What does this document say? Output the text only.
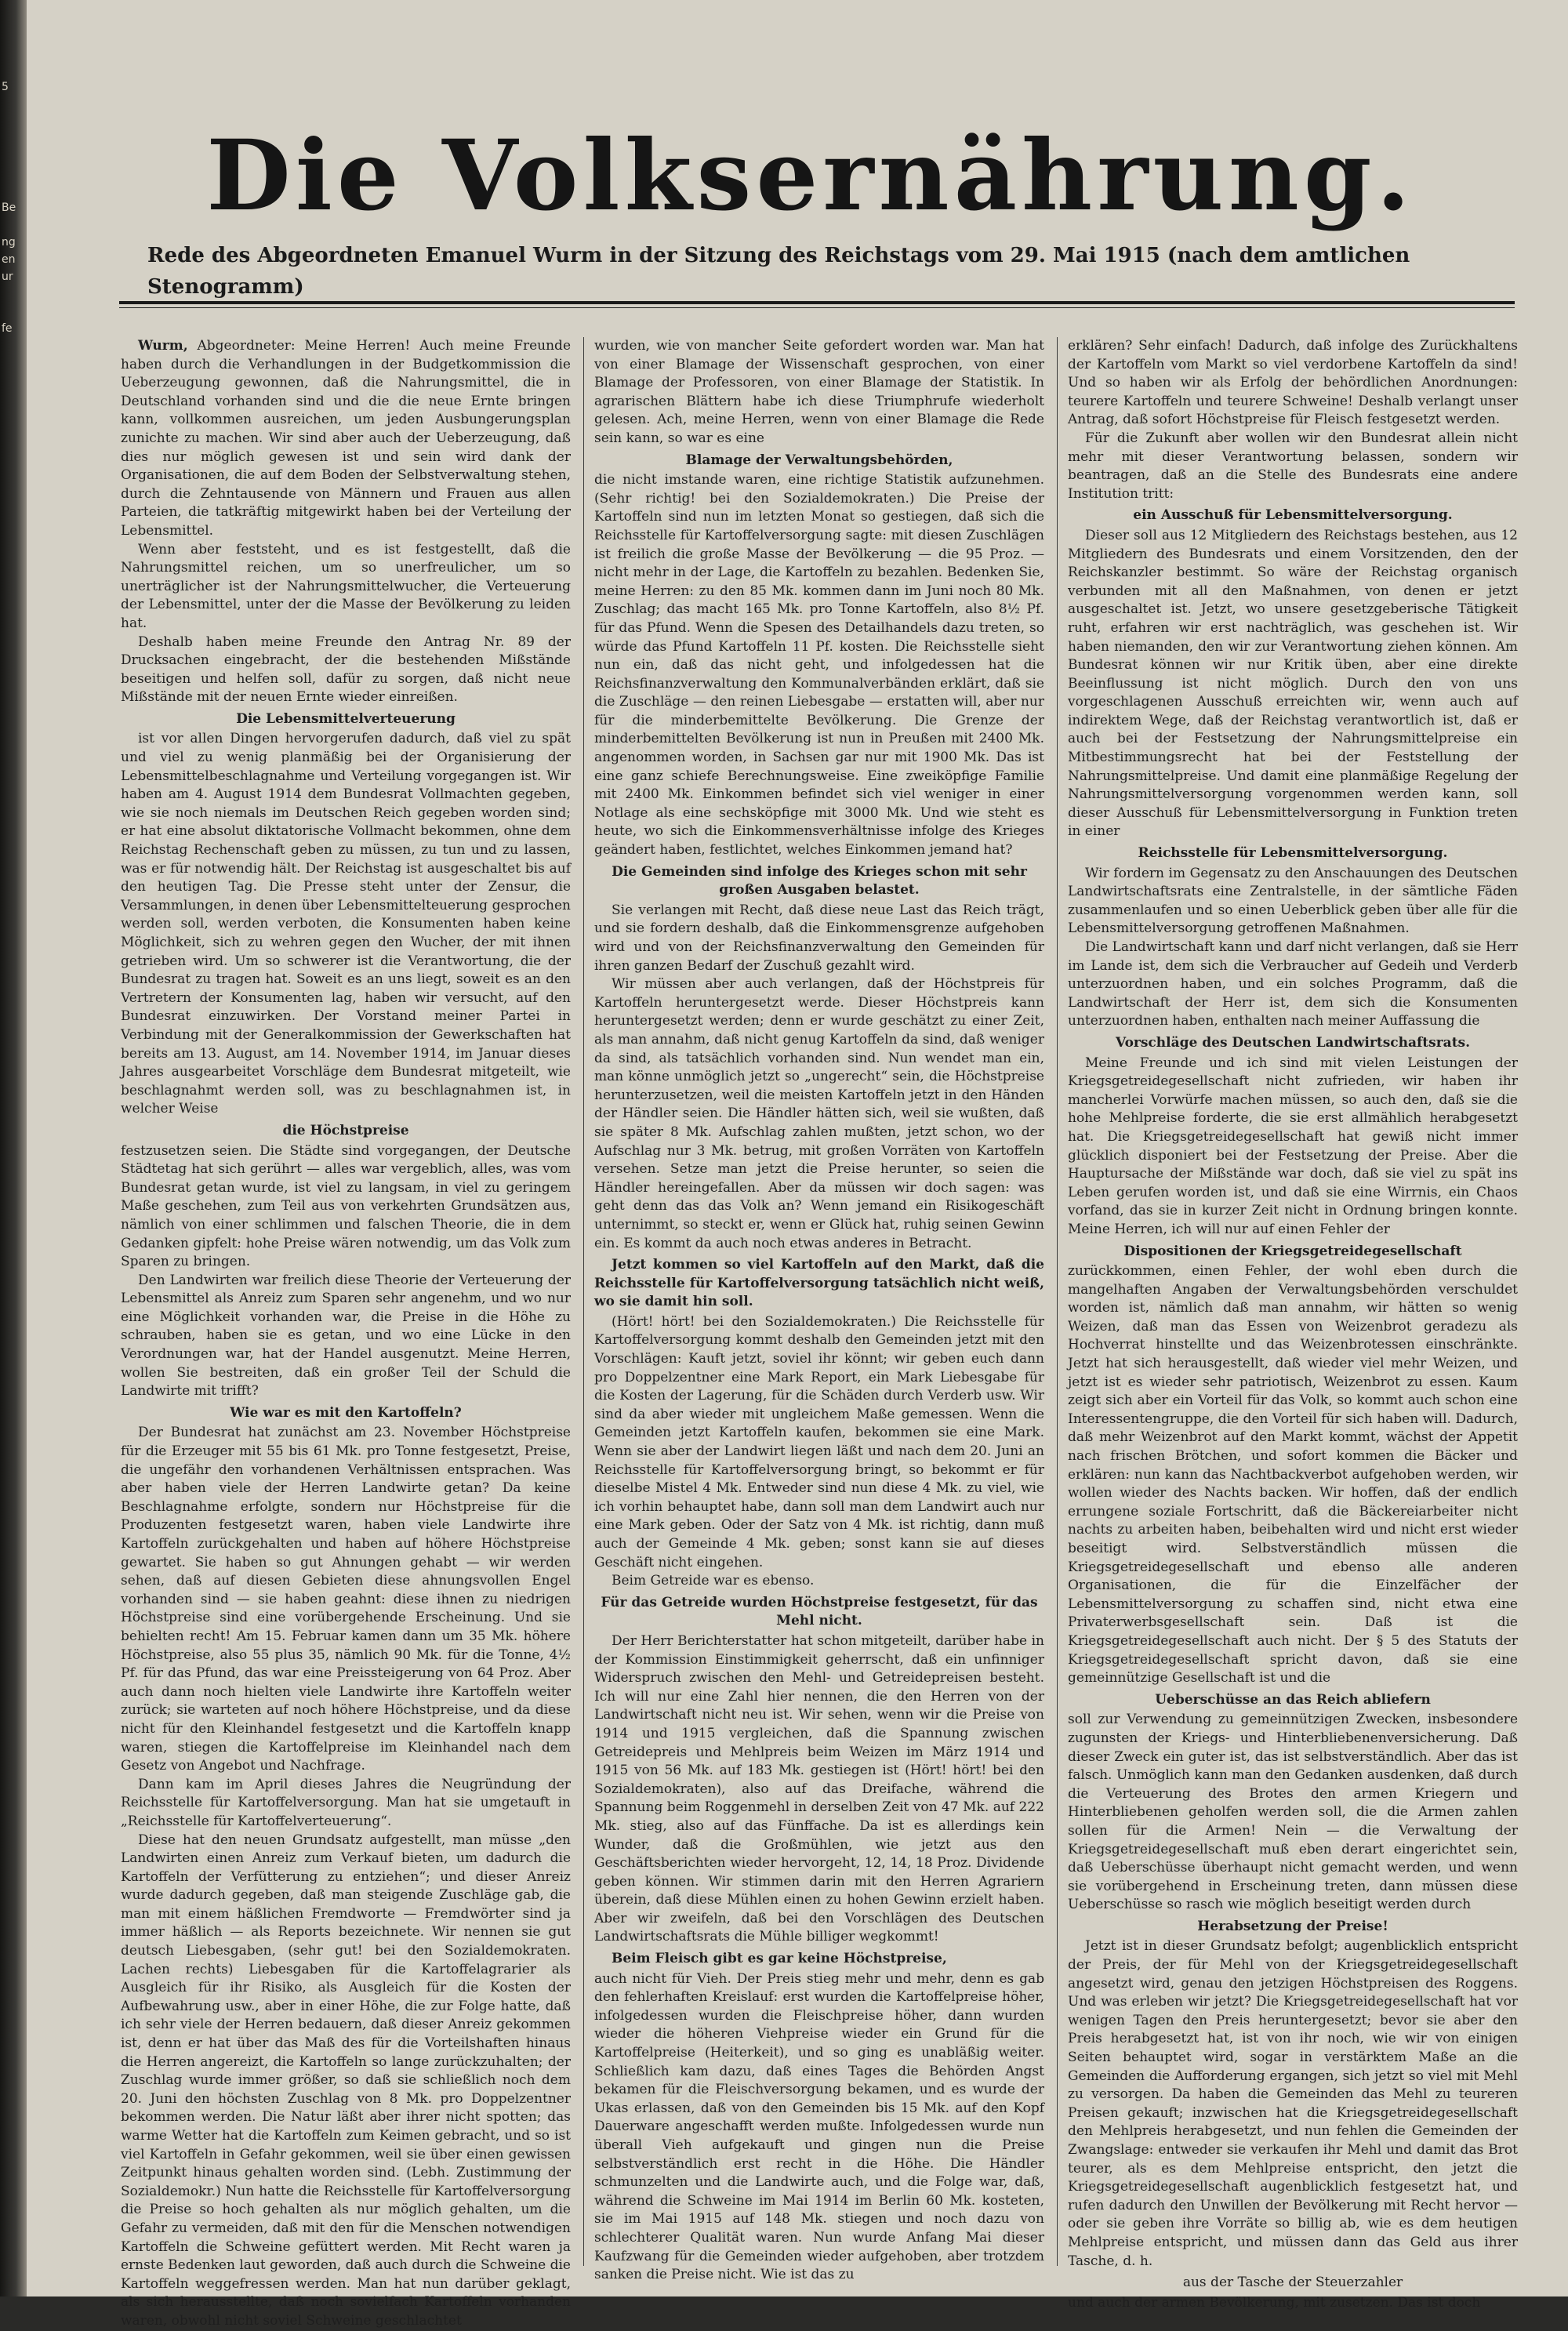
5

Be

ng
en
ur

fe

Die Volksernährung.
Rede des Abgeordneten Emanuel Wurm in der Sitzung des Reichstags vom 29. Mai 1915 (nach dem amtlichen Stenogramm)

Wurm, Abgeordneter: Meine Herren! Auch meine Freunde haben durch die Verhandlungen in der Budgetkommission die Ueberzeugung gewonnen, daß die Nahrungsmittel, die in Deutschland vorhanden sind und die die neue Ernte bringen kann, vollkommen ausreichen, um jeden Ausbungerungsplan zunichte zu machen. Wir sind aber auch der Ueberzeugung, daß dies nur möglich gewesen ist und sein wird dank der Organisationen, die auf dem Boden der Selbstverwaltung stehen, durch die Zehntausende von Männern und Frauen aus allen Parteien, die tatkräftig mitgewirkt haben bei der Verteilung der Lebensmittel.

Wenn aber feststeht, und es ist festgestellt, daß die Nahrungsmittel reichen, um so unerfreulicher, um so unerträglicher ist der Nahrungsmittelwucher, die Verteuerung der Lebensmittel, unter der die Masse der Bevölkerung zu leiden hat.

Deshalb haben meine Freunde den Antrag Nr. 89 der Drucksachen eingebracht, der die bestehenden Mißstände beseitigen und helfen soll, dafür zu sorgen, daß nicht neue Mißstände mit der neuen Ernte wieder einreißen.

Die Lebensmittelverteuerung

ist vor allen Dingen hervorgerufen dadurch, daß viel zu spät und viel zu wenig planmäßig bei der Organisierung der Lebensmittelbeschlagnahme und Verteilung vorgegangen ist. Wir haben am 4. August 1914 dem Bundesrat Vollmachten gegeben, wie sie noch niemals im Deutschen Reich gegeben worden sind; er hat eine absolut diktatorische Vollmacht bekommen, ohne dem Reichstag Rechenschaft geben zu müssen, zu tun und zu lassen, was er für notwendig hält. Der Reichstag ist ausgeschaltet bis auf den heutigen Tag. Die Presse steht unter der Zensur, die Versammlungen, in denen über Lebensmittelteuerung gesprochen werden soll, werden verboten, die Konsumenten haben keine Möglichkeit, sich zu wehren gegen den Wucher, der mit ihnen getrieben wird. Um so schwerer ist die Verantwortung, die der Bundesrat zu tragen hat. Soweit es an uns liegt, soweit es an den Vertretern der Konsumenten lag, haben wir versucht, auf den Bundesrat einzuwirken. Der Vorstand meiner Partei in Verbindung mit der Generalkommission der Gewerkschaften hat bereits am 13. August, am 14. November 1914, im Januar dieses Jahres ausgearbeitet Vorschläge dem Bundesrat mitgeteilt, wie beschlagnahmt werden soll, was zu beschlagnahmen ist, in welcher Weise

die Höchstpreise

festzusetzen seien. Die Städte sind vorgegangen, der Deutsche Städtetag hat sich gerührt — alles war vergeblich, alles, was vom Bundesrat getan wurde, ist viel zu langsam, in viel zu geringem Maße geschehen, zum Teil aus von verkehrten Grundsätzen aus, nämlich von einer schlimmen und falschen Theorie, die in dem Gedanken gipfelt: hohe Preise wären notwendig, um das Volk zum Sparen zu bringen.

Den Landwirten war freilich diese Theorie der Verteuerung der Lebensmittel als Anreiz zum Sparen sehr angenehm, und wo nur eine Möglichkeit vorhanden war, die Preise in die Höhe zu schrauben, haben sie es getan, und wo eine Lücke in den Verordnungen war, hat der Handel ausgenutzt. Meine Herren, wollen Sie bestreiten, daß ein großer Teil der Schuld die Landwirte mit trifft?

Wie war es mit den Kartoffeln?

Der Bundesrat hat zunächst am 23. November Höchstpreise für die Erzeuger mit 55 bis 61 Mk. pro Tonne festgesetzt, Preise, die ungefähr den vorhandenen Verhältnissen entsprachen. Was aber haben viele der Herren Landwirte getan? Da keine Beschlagnahme erfolgte, sondern nur Höchstpreise für die Produzenten festgesetzt waren, haben viele Landwirte ihre Kartoffeln zurückgehalten und haben auf höhere Höchstpreise gewartet. Sie haben so gut Ahnungen gehabt — wir werden sehen, daß auf diesen Gebieten diese ahnungsvollen Engel vorhanden sind — sie haben geahnt: diese ihnen zu niedrigen Höchstpreise sind eine vorübergehende Erscheinung. Und sie behielten recht! Am 15. Februar kamen dann um 35 Mk. höhere Höchstpreise, also 55 plus 35, nämlich 90 Mk. für die Tonne, 4½ Pf. für das Pfund, das war eine Preissteigerung von 64 Proz. Aber auch dann noch hielten viele Landwirte ihre Kartoffeln weiter zurück; sie warteten auf noch höhere Höchstpreise, und da diese nicht für den Kleinhandel festgesetzt und die Kartoffeln knapp waren, stiegen die Kartoffelpreise im Kleinhandel nach dem Gesetz von Angebot und Nachfrage.

Dann kam im April dieses Jahres die Neugründung der Reichsstelle für Kartoffelversorgung. Man hat sie umgetauft in „Reichsstelle für Kartoffelverteuerung“.

Diese hat den neuen Grundsatz aufgestellt, man müsse „den Landwirten einen Anreiz zum Verkauf bieten, um dadurch die Kartoffeln der Verfütterung zu entziehen“; und dieser Anreiz wurde dadurch gegeben, daß man steigende Zuschläge gab, die man mit einem häßlichen Fremdworte — Fremdwörter sind ja immer häßlich — als Reports bezeichnete. Wir nennen sie gut deutsch Liebesgaben, (sehr gut! bei den Sozialdemokraten. Lachen rechts) Liebesgaben für die Kartoffelagrarier als Ausgleich für ihr Risiko, als Ausgleich für die Kosten der Aufbewahrung usw., aber in einer Höhe, die zur Folge hatte, daß ich sehr viele der Herren bedauern, daß dieser Anreiz gekommen ist, denn er hat über das Maß des für die Vorteilshaften hinaus die Herren angereizt, die Kartoffeln so lange zurückzuhalten; der Zuschlag wurde immer größer, so daß sie schließlich noch dem 20. Juni den höchsten Zuschlag von 8 Mk. pro Doppelzentner bekommen werden. Die Natur läßt aber ihrer nicht spotten; das warme Wetter hat die Kartoffeln zum Keimen gebracht, und so ist viel Kartoffeln in Gefahr gekommen, weil sie über einen gewissen Zeitpunkt hinaus gehalten worden sind. (Lebh. Zustimmung der Sozialdemokr.) Nun hatte die Reichsstelle für Kartoffelversorgung die Preise so hoch gehalten als nur möglich gehalten, um die Gefahr zu vermeiden, daß mit den für die Menschen notwendigen Kartoffeln die Schweine gefüttert werden. Mit Recht waren ja ernste Bedenken laut geworden, daß auch durch die Schweine die Kartoffeln weggefressen werden. Man hat nun darüber geklagt, als sich herausstellte, daß noch sovielfach Kartoffeln vorhanden waren, obwohl nicht soviel Schweine geschlachtet

wurden, wie von mancher Seite gefordert worden war. Man hat von einer Blamage der Wissenschaft gesprochen, von einer Blamage der Professoren, von einer Blamage der Statistik. In agrarischen Blättern habe ich diese Triumphrufe wiederholt gelesen. Ach, meine Herren, wenn von einer Blamage die Rede sein kann, so war es eine

Blamage der Verwaltungsbehörden,

die nicht imstande waren, eine richtige Statistik aufzunehmen. (Sehr richtig! bei den Sozialdemokraten.) Die Preise der Kartoffeln sind nun im letzten Monat so gestiegen, daß sich die Reichsstelle für Kartoffelversorgung sagte: mit diesen Zuschlägen ist freilich die große Masse der Bevölkerung — die 95 Proz. — nicht mehr in der Lage, die Kartoffeln zu bezahlen. Bedenken Sie, meine Herren: zu den 85 Mk. kommen dann im Juni noch 80 Mk. Zuschlag; das macht 165 Mk. pro Tonne Kartoffeln, also 8½ Pf. für das Pfund. Wenn die Spesen des Detailhandels dazu treten, so würde das Pfund Kartoffeln 11 Pf. kosten. Die Reichsstelle sieht nun ein, daß das nicht geht, und infolgedessen hat die Reichsfinanzverwaltung den Kommunalverbänden erklärt, daß sie die Zuschläge — den reinen Liebesgabe — erstatten will, aber nur für die minderbemittelte Bevölkerung. Die Grenze der minderbemittelten Bevölkerung ist nun in Preußen mit 2400 Mk. angenommen worden, in Sachsen gar nur mit 1900 Mk. Das ist eine ganz schiefe Berechnungsweise. Eine zweiköpfige Familie mit 2400 Mk. Einkommen befindet sich viel weniger in einer Notlage als eine sechsköpfige mit 3000 Mk. Und wie steht es heute, wo sich die Einkommensverhältnisse infolge des Krieges geändert haben, festlichtet, welches Einkommen jemand hat?

Die Gemeinden sind infolge des Krieges schon mit sehr großen Ausgaben belastet.

Sie verlangen mit Recht, daß diese neue Last das Reich trägt, und sie fordern deshalb, daß die Einkommensgrenze aufgehoben wird und von der Reichsfinanzverwaltung den Gemeinden für ihren ganzen Bedarf der Zuschuß gezahlt wird.

Wir müssen aber auch verlangen, daß der Höchstpreis für Kartoffeln heruntergesetzt werde. Dieser Höchstpreis kann heruntergesetzt werden; denn er wurde geschätzt zu einer Zeit, als man annahm, daß nicht genug Kartoffeln da sind, daß weniger da sind, als tatsächlich vorhanden sind. Nun wendet man ein, man könne unmöglich jetzt so „ungerecht“ sein, die Höchstpreise herunterzusetzen, weil die meisten Kartoffeln jetzt in den Händen der Händler seien. Die Händler hätten sich, weil sie wußten, daß sie später 8 Mk. Aufschlag zahlen mußten, jetzt schon, wo der Aufschlag nur 3 Mk. betrug, mit großen Vorräten von Kartoffeln versehen. Setze man jetzt die Preise herunter, so seien die Händler hereingefallen. Aber da müssen wir doch sagen: was geht denn das das Volk an? Wenn jemand ein Risikogeschäft unternimmt, so steckt er, wenn er Glück hat, ruhig seinen Gewinn ein. Es kommt da auch noch etwas anderes in Betracht.

Jetzt kommen so viel Kartoffeln auf den Markt, daß die Reichsstelle für Kartoffelversorgung tatsächlich nicht weiß, wo sie damit hin soll.

(Hört! hört! bei den Sozialdemokraten.) Die Reichsstelle für Kartoffelversorgung kommt deshalb den Gemeinden jetzt mit den Vorschlägen: Kauft jetzt, soviel ihr könnt; wir geben euch dann pro Doppelzentner eine Mark Report, ein Mark Liebesgabe für die Kosten der Lagerung, für die Schäden durch Verderb usw. Wir sind da aber wieder mit ungleichem Maße gemessen. Wenn die Gemeinden jetzt Kartoffeln kaufen, bekommen sie eine Mark. Wenn sie aber der Landwirt liegen läßt und nach dem 20. Juni an Reichsstelle für Kartoffelversorgung bringt, so bekommt er für dieselbe Mistel 4 Mk. Entweder sind nun diese 4 Mk. zu viel, wie ich vorhin behauptet habe, dann soll man dem Landwirt auch nur eine Mark geben. Oder der Satz von 4 Mk. ist richtig, dann muß auch der Gemeinde 4 Mk. geben; sonst kann sie auf dieses Geschäft nicht eingehen.

Beim Getreide war es ebenso.

Für das Getreide wurden Höchstpreise festgesetzt, für das Mehl nicht.

Der Herr Berichterstatter hat schon mitgeteilt, darüber habe in der Kommission Einstimmigkeit geherrscht, daß ein unfinniger Widerspruch zwischen den Mehl- und Getreidepreisen besteht. Ich will nur eine Zahl hier nennen, die den Herren von der Landwirtschaft nicht neu ist. Wir sehen, wenn wir die Preise von 1914 und 1915 vergleichen, daß die Spannung zwischen Getreidepreis und Mehlpreis beim Weizen im März 1914 und 1915 von 56 Mk. auf 183 Mk. gestiegen ist (Hört! hört! bei den Sozialdemokraten), also auf das Dreifache, während die Spannung beim Roggenmehl in derselben Zeit von 47 Mk. auf 222 Mk. stieg, also auf das Fünffache. Da ist es allerdings kein Wunder, daß die Großmühlen, wie jetzt aus den Geschäftsberichten wieder hervorgeht, 12, 14, 18 Proz. Dividende geben können. Wir stimmen darin mit den Herren Agrariern überein, daß diese Mühlen einen zu hohen Gewinn erzielt haben. Aber wir zweifeln, daß bei den Vorschlägen des Deutschen Landwirtschaftsrats die Mühle billiger wegkommt!

Beim Fleisch gibt es gar keine Höchstpreise,

auch nicht für Vieh. Der Preis stieg mehr und mehr, denn es gab den fehlerhaften Kreislauf: erst wurden die Kartoffelpreise höher, infolgedessen wurden die Fleischpreise höher, dann wurden wieder die höheren Viehpreise wieder ein Grund für die Kartoffelpreise (Heiterkeit), und so ging es unabläßig weiter. Schließlich kam dazu, daß eines Tages die Behörden Angst bekamen für die Fleischversorgung bekamen, und es wurde der Ukas erlassen, daß von den Gemeinden bis 15 Mk. auf den Kopf Dauerware angeschafft werden mußte. Infolgedessen wurde nun überall Vieh aufgekauft und gingen nun die Preise selbstverständlich erst recht in die Höhe. Die Händler schmunzelten und die Landwirte auch, und die Folge war, daß, während die Schweine im Mai 1914 im Berlin 60 Mk. kosteten, sie im Mai 1915 auf 148 Mk. stiegen und noch dazu von schlechterer Qualität waren. Nun wurde Anfang Mai dieser Kaufzwang für die Gemeinden wieder aufgehoben, aber trotzdem sanken die Preise nicht. Wie ist das zu

erklären? Sehr einfach! Dadurch, daß infolge des Zurückhaltens der Kartoffeln vom Markt so viel verdorbene Kartoffeln da sind! Und so haben wir als Erfolg der behördlichen Anordnungen: teurere Kartoffeln und teurere Schweine! Deshalb verlangt unser Antrag, daß sofort Höchstpreise für Fleisch festgesetzt werden.

Für die Zukunft aber wollen wir den Bundesrat allein nicht mehr mit dieser Verantwortung belassen, sondern wir beantragen, daß an die Stelle des Bundesrats eine andere Institution tritt:

ein Ausschuß für Lebensmittelversorgung.

Dieser soll aus 12 Mitgliedern des Reichstags bestehen, aus 12 Mitgliedern des Bundesrats und einem Vorsitzenden, den der Reichskanzler bestimmt. So wäre der Reichstag organisch verbunden mit all den Maßnahmen, von denen er jetzt ausgeschaltet ist. Jetzt, wo unsere gesetzgeberische Tätigkeit ruht, erfahren wir erst nachträglich, was geschehen ist. Wir haben niemanden, den wir zur Verantwortung ziehen können. Am Bundesrat können wir nur Kritik üben, aber eine direkte Beeinflussung ist nicht möglich. Durch den von uns vorgeschlagenen Ausschuß erreichten wir, wenn auch auf indirektem Wege, daß der Reichstag verantwortlich ist, daß er auch bei der Festsetzung der Nahrungsmittelpreise ein Mitbestimmungsrecht hat bei der Feststellung der Nahrungsmittelpreise. Und damit eine planmäßige Regelung der Nahrungsmittelversorgung vorgenommen werden kann, soll dieser Ausschuß für Lebensmittelversorgung in Funktion treten in einer

Reichsstelle für Lebensmittelversorgung.

Wir fordern im Gegensatz zu den Anschauungen des Deutschen Landwirtschaftsrats eine Zentralstelle, in der sämtliche Fäden zusammenlaufen und so einen Ueberblick geben über alle für die Lebensmittelversorgung getroffenen Maßnahmen.

Die Landwirtschaft kann und darf nicht verlangen, daß sie Herr im Lande ist, dem sich die Verbraucher auf Gedeih und Verderb unterzuordnen haben, und ein solches Programm, daß die Landwirtschaft der Herr ist, dem sich die Konsumenten unterzuordnen haben, enthalten nach meiner Auffassung die

Vorschläge des Deutschen Landwirtschaftsrats.

Meine Freunde und ich sind mit vielen Leistungen der Kriegsgetreidegesellschaft nicht zufrieden, wir haben ihr mancherlei Vorwürfe machen müssen, so auch den, daß sie die hohe Mehlpreise forderte, die sie erst allmählich herabgesetzt hat. Die Kriegsgetreidegesellschaft hat gewiß nicht immer glücklich disponiert bei der Festsetzung der Preise. Aber die Hauptursache der Mißstände war doch, daß sie viel zu spät ins Leben gerufen worden ist, und daß sie eine Wirrnis, ein Chaos vorfand, das sie in kurzer Zeit nicht in Ordnung bringen konnte. Meine Herren, ich will nur auf einen Fehler der

Dispositionen der Kriegsgetreidegesellschaft

zurückkommen, einen Fehler, der wohl eben durch die mangelhaften Angaben der Verwaltungsbehörden verschuldet worden ist, nämlich daß man annahm, wir hätten so wenig Weizen, daß man das Essen von Weizenbrot geradezu als Hochverrat hinstellte und das Weizenbrotessen einschränkte. Jetzt hat sich herausgestellt, daß wieder viel mehr Weizen, und jetzt ist es wieder sehr patriotisch, Weizenbrot zu essen. Kaum zeigt sich aber ein Vorteil für das Volk, so kommt auch schon eine Interessentengruppe, die den Vorteil für sich haben will. Dadurch, daß mehr Weizenbrot auf den Markt kommt, wächst der Appetit nach frischen Brötchen, und sofort kommen die Bäcker und erklären: nun kann das Nachtbackverbot aufgehoben werden, wir wollen wieder des Nachts backen. Wir hoffen, daß der endlich errungene soziale Fortschritt, daß die Bäckereiarbeiter nicht nachts zu arbeiten haben, beibehalten wird und nicht erst wieder beseitigt wird. Selbstverständlich müssen die Kriegsgetreidegesellschaft und ebenso alle anderen Organisationen, die für die Einzelfächer der Lebensmittelversorgung zu schaffen sind, nicht etwa eine Privaterwerbsgesellschaft sein. Daß ist die Kriegsgetreidegesellschaft auch nicht. Der § 5 des Statuts der Kriegsgetreidegesellschaft spricht davon, daß sie eine gemeinnützige Gesellschaft ist und die

Ueberschüsse an das Reich abliefern

soll zur Verwendung zu gemeinnützigen Zwecken, insbesondere zugunsten der Kriegs- und Hinterbliebenenversicherung. Daß dieser Zweck ein guter ist, das ist selbstverständlich. Aber das ist falsch. Unmöglich kann man den Gedanken ausdenken, daß durch die Verteuerung des Brotes den armen Kriegern und Hinterbliebenen geholfen werden soll, die die Armen zahlen sollen für die Armen! Nein — die Verwaltung der Kriegsgetreidegesellschaft muß eben derart eingerichtet sein, daß Ueberschüsse überhaupt nicht gemacht werden, und wenn sie vorübergehend in Erscheinung treten, dann müssen diese Ueberschüsse so rasch wie möglich beseitigt werden durch

Herabsetzung der Preise!

Jetzt ist in dieser Grundsatz befolgt; augenblicklich entspricht der Preis, der für Mehl von der Kriegsgetreidegesellschaft angesetzt wird, genau den jetzigen Höchstpreisen des Roggens. Und was erleben wir jetzt? Die Kriegsgetreidegesellschaft hat vor wenigen Tagen den Preis heruntergesetzt; bevor sie aber den Preis herabgesetzt hat, ist von ihr noch, wie wir von einigen Seiten behauptet wird, sogar in verstärktem Maße an die Gemeinden die Aufforderung ergangen, sich jetzt so viel mit Mehl zu versorgen. Da haben die Gemeinden das Mehl zu teureren Preisen gekauft; inzwischen hat die Kriegsgetreidegesellschaft den Mehlpreis herabgesetzt, und nun fehlen die Gemeinden der Zwangslage: entweder sie verkaufen ihr Mehl und damit das Brot teurer, als es dem Mehlpreise entspricht, den jetzt die Kriegsgetreidegesellschaft augenblicklich festgesetzt hat, und rufen dadurch den Unwillen der Bevölkerung mit Recht hervor — oder sie geben ihre Vorräte so billig ab, wie es dem heutigen Mehlpreise entspricht, und müssen dann das Geld aus ihrer Tasche, d. h.

aus der Tasche der Steuerzahler

und auch der armen Bevölkerung, mit zusetzen. Das ist doch
